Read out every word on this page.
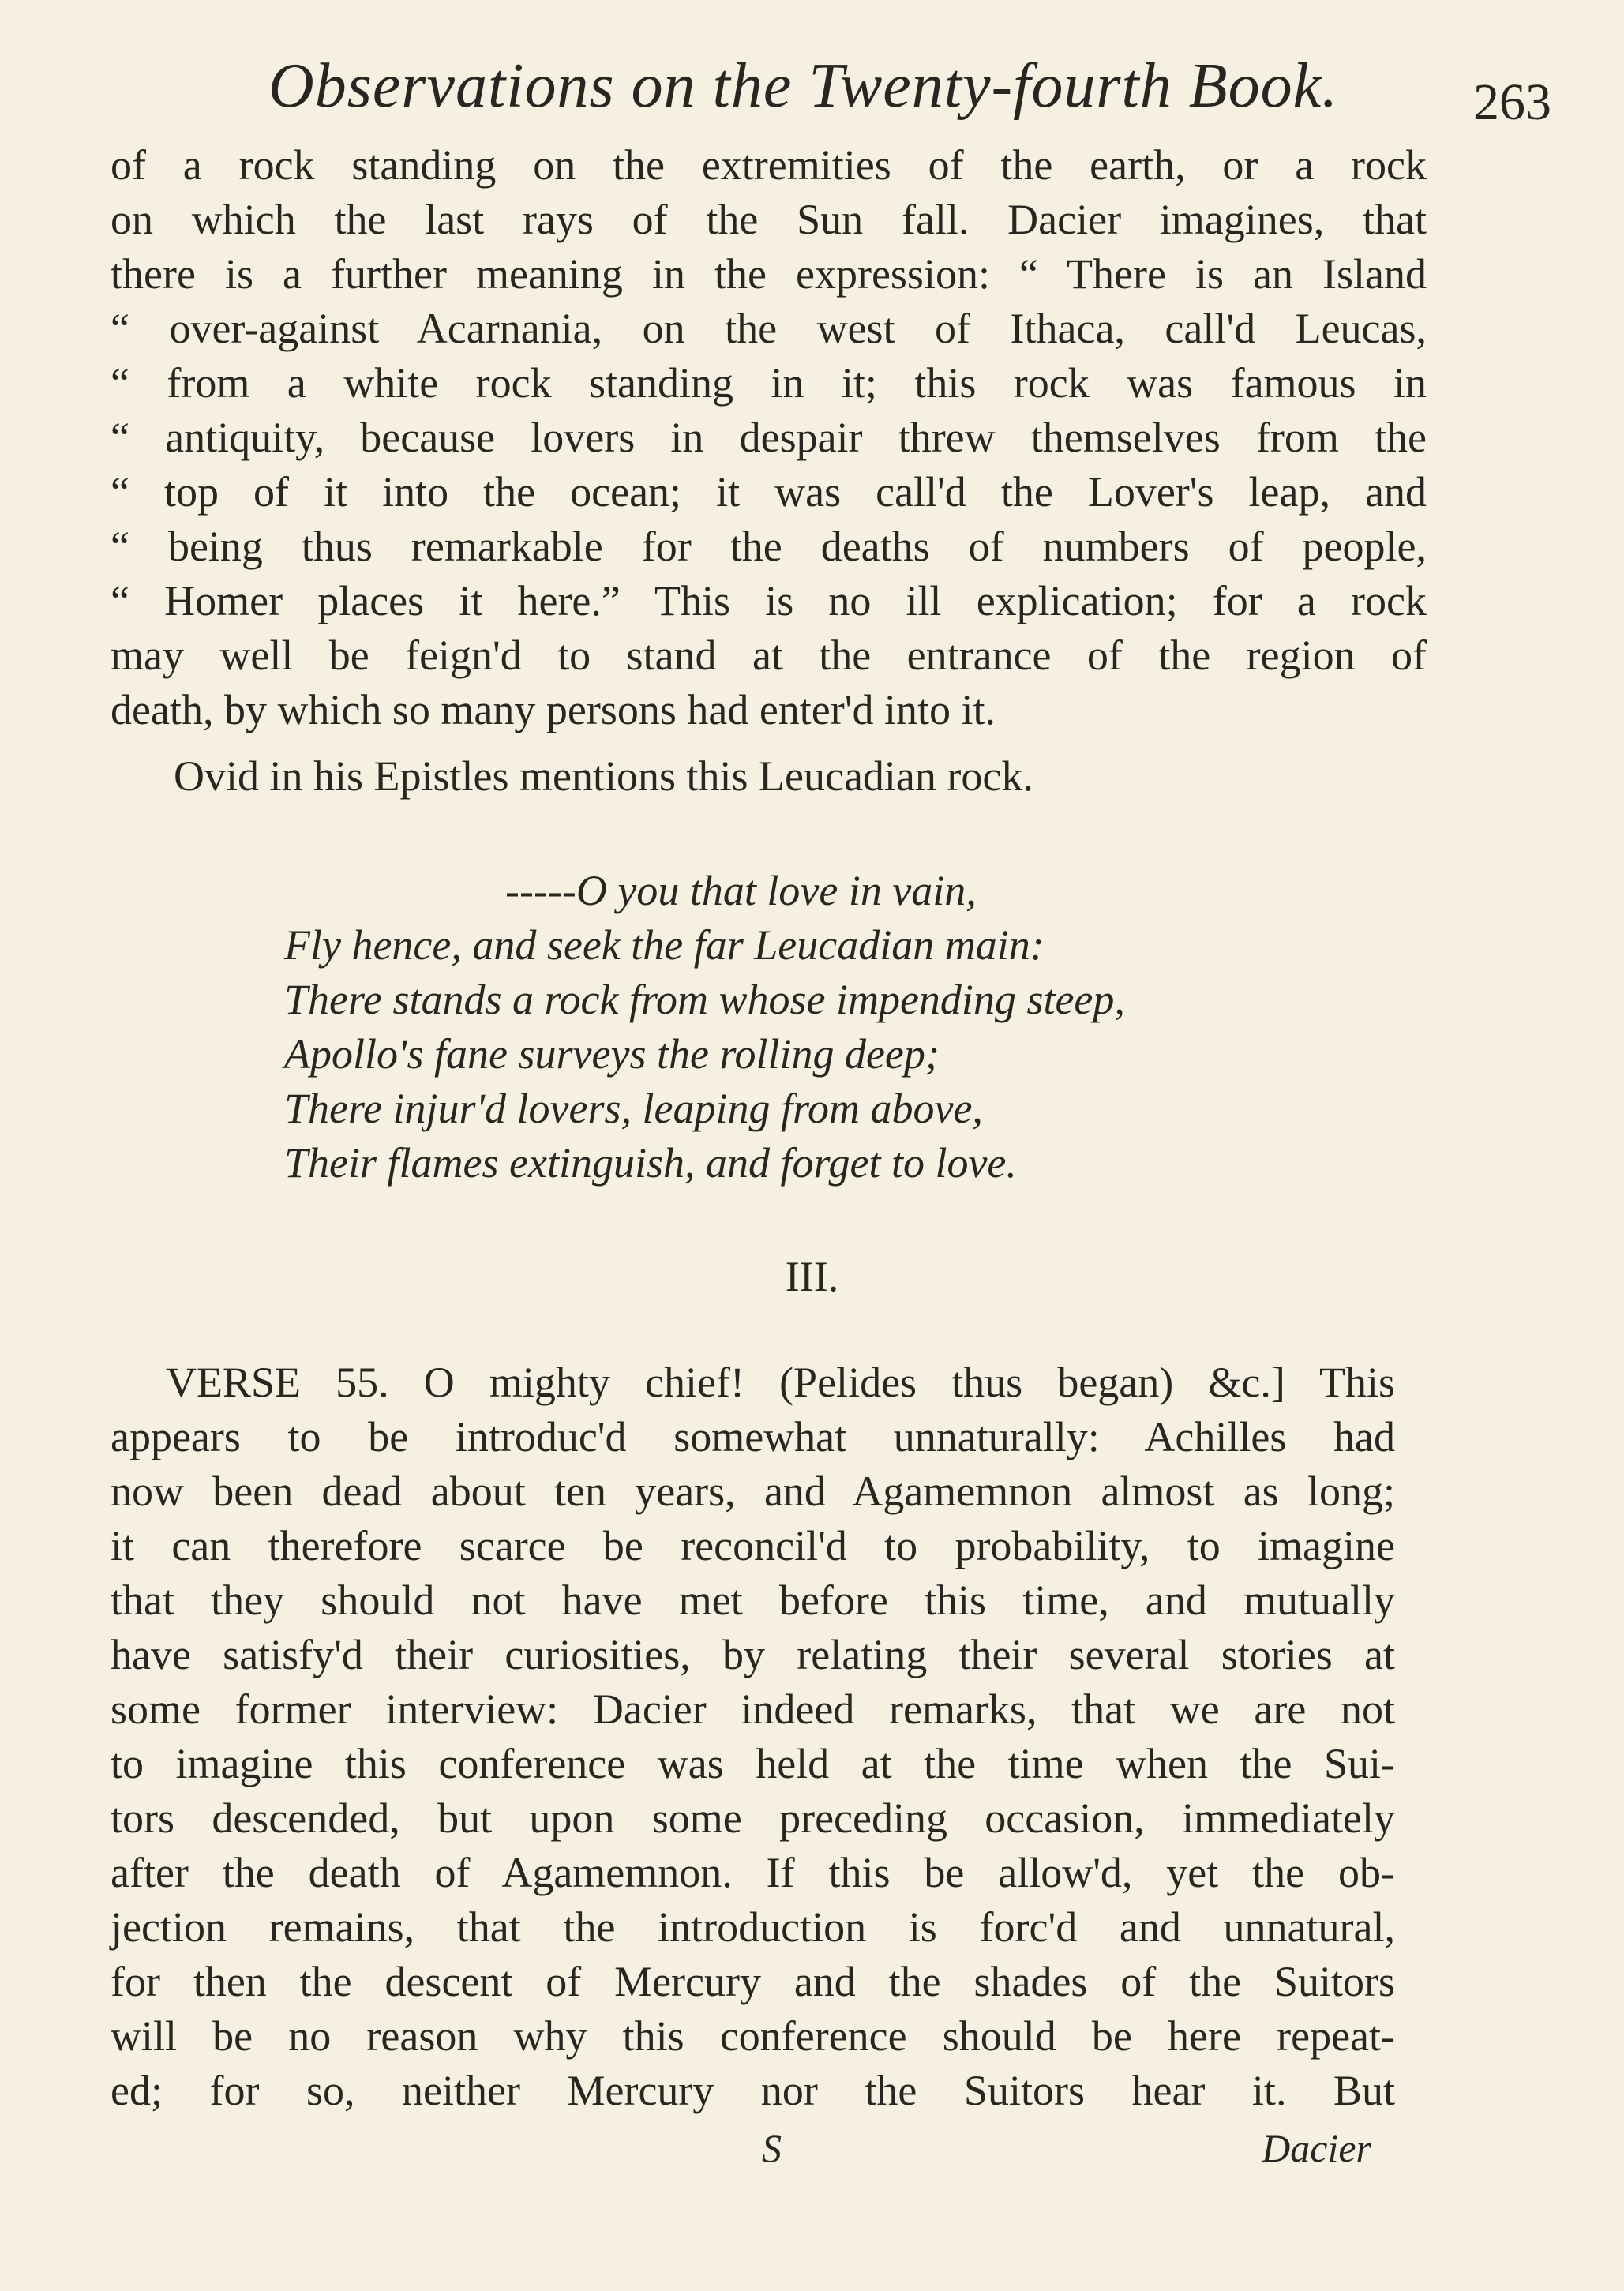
Observations on the Twenty-fourth Book.	263
of a rock standing on the extremities of the earth, or a rock
on which the last rays of the Sun fall. Dacier imagines, that
there is a further meaning in the expression: “ There is an Island
“ over-against Acarnania, on the west of Ithaca, call'd Leucas,
“ from a white rock standing in it; this rock was famous in
“ antiquity, because lovers in despair threw themselves from the
“ top of it into the ocean; it was call'd the Lover's leap, and
“ being thus remarkable for the deaths of numbers of people,
“ Homer places it here.” This is no ill explication; for a rock
may well be feign'd to stand at the entrance of the region of
death, by which so many persons had enter'd into it.
Ovid in his Epistles mentions this Leucadian rock.
-----O you that love in vain,
Fly hence, and seek the far Leucadian main:
There stands a rock from whose impending steep,
Apollo's fane surveys the rolling deep;
There injur'd lovers, leaping from above,
Their flames extinguish, and forget to love.
III.
VERSE 55. O mighty chief! (Pelides thus began) &c.] This
appears to be introduc'd somewhat unnaturally: Achilles had
now been dead about ten years, and Agamemnon almost as long;
it can therefore scarce be reconcil'd to probability, to imagine
that they should not have met before this time, and mutually
have satisfy'd their curiosities, by relating their several stories at
some former interview: Dacier indeed remarks, that we are not
to imagine this conference was held at the time when the Sui-
tors descended, but upon some preceding occasion, immediately
after the death of Agamemnon. If this be allow'd, yet the ob-
jection remains, that the introduction is forc'd and unnatural,
for then the descent of Mercury and the shades of the Suitors
will be no reason why this conference should be here repeat-
ed; for so, neither Mercury nor the Suitors hear it. But
S	Dacier
